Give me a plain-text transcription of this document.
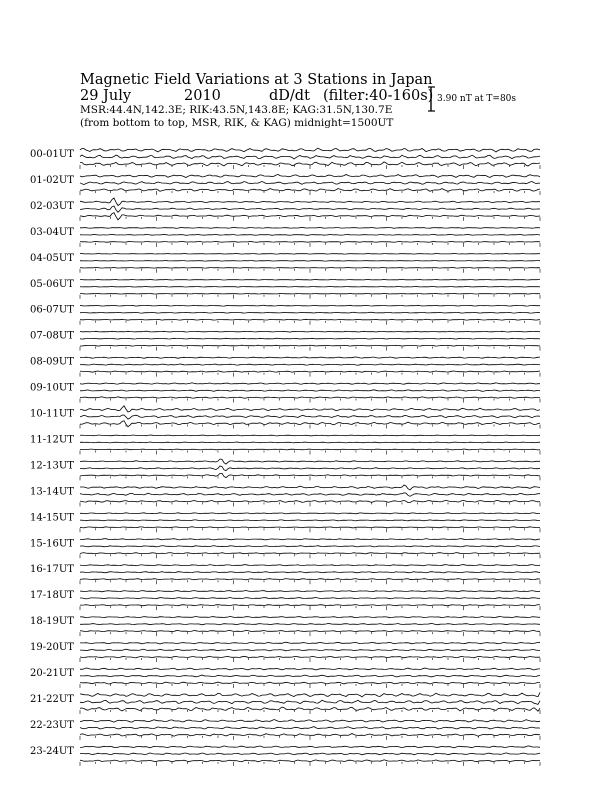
Magnetic Field Variations at 3 Stations in Japan
29 July	2010	dD/dt (filter:40-160s)
MSR:44.4N,142.3E; RIK:43.5N,143.8E; KAG:31.5N,130.7E
(from bottom to top, MSR, RIK, & KAG) midnight=1500UT
3.90 nT at T=80s
00-01UT
01-02UT
02-03UT
03-04UT
04-05UT
05-06UT
06-07UT
07-08UT
08-09UT
09-10UT
10-11UT
11-12UT
12-13UT
13-14UT
14-15UT
15-16UT
16-17UT
17-18UT
18-19UT
19-20UT
20-21UT
21-22UT
22-23UT
23-24UT
